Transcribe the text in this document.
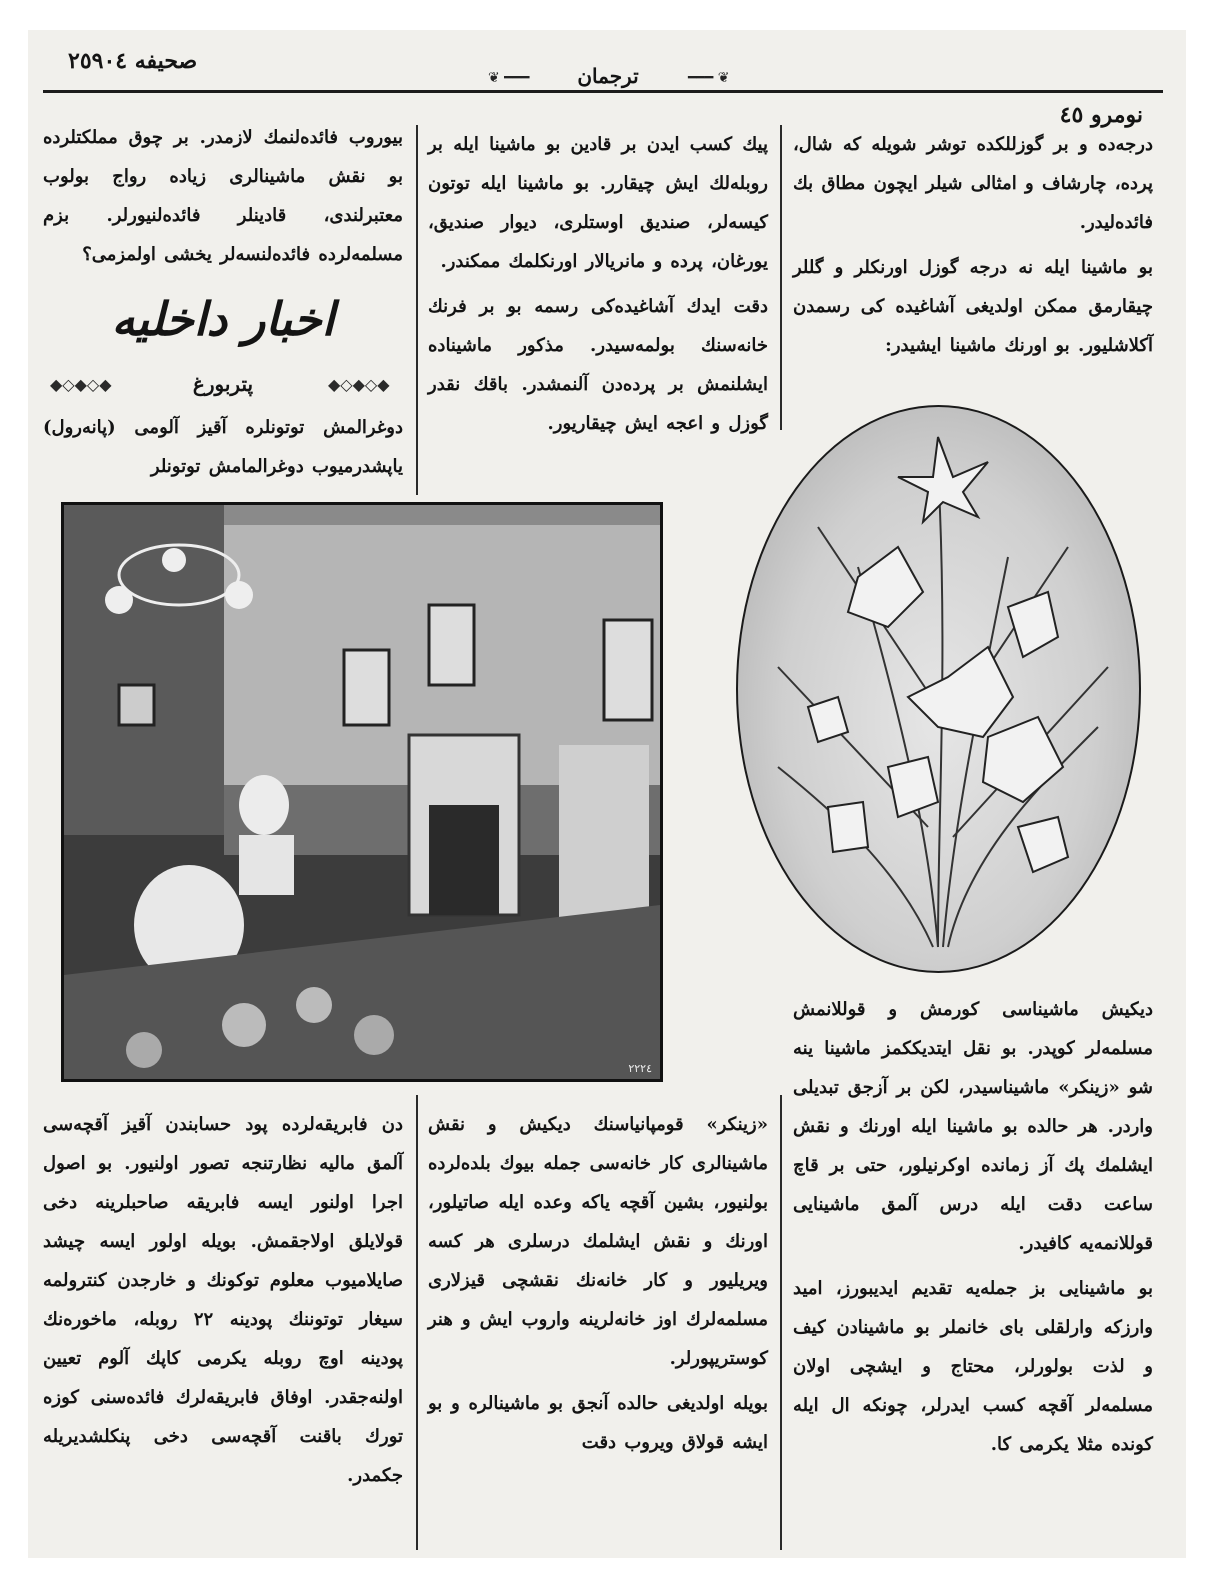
صحيفه ٢٥٩٠٤
❦ ━━━	ترجمان	━━━ ❦
نومرو ٤٥

درجه‌ده و بر گوزللکده توشر شویله که شال، پرده، چارشاف و امثالی شیلر ایچون مطاق بك فائده‌لیدر.

بو ماشینا ایله نه درجه گوزل اورنکلر و گللر چیقارمق ممکن اولدیغی آشاغیده کی رسمدن آکلاشلیور. بو اورنك ماشینا ایشیدر:

پیك کسب ایدن بر قادین بو ماشینا ایله بر روبله‌لك ایش چیقارر. بو ماشینا ایله توتون کیسه‌لر، صندیق اوستلری، دیوار صندیق، یورغان، پرده و مانریالار اورنکلمك ممکندر.

دقت ایدك آشاغیده‌کی رسمه بو بر فرنك خانه‌سنك بولمه‌سیدر. مذکور ماشینا‌ده ایشلنمش بر پرده‌دن آلنمشدر. باقك نقدر گوزل و اعجه ایش چیقاریور.

بیوروب فائده‌لنمك لازمدر. بر چوق مملکتلرده بو نقش ماشینالری زیاده رواج بولوب معتبرلندی، قادینلر فائده‌لنیورلر. بزم مسلمه‌لرده فائده‌لنسه‌لر یخشی اولمزمی؟

اخبار داخلیه
◆◇◆◇◆	◆◇◆◇◆
پتربورغ

دوغرالمش توتونلره آقیز آلومی (پا‌نه‌رول) یاپشدرمیوب دوغرالمامش توتونلر

٢٢٢٤

دیکیش ماشیناسی کورمش و قوللانمش مسلمه‌لر کوپدر. بو نقل ایتدیککمز ماشینا ینه شو «زینکر» ماشیناسیدر، لکن بر آزجق تبدیلی واردر. هر حالده بو ماشینا ایله اورنك و نقش ایشلمك پك آز زمانده اوکرنیلور، حتی بر قاچ ساعت دقت ایله درس آلمق ماشینایی قوللانمه‌یه کافیدر.

بو ماشینایی بز جمله‌یه تقدیم ایدیبورز، امید وارزکه وارلقلی بای خانملر بو ماشینادن کیف و لذت بولورلر، محتاج و ایشچی اولان مسلمه‌لر آقچه کسب ایدرلر، چونکه ال ایله کونده مثلا یکرمی کا.

«زینکر» قومپانیاسنك دیکیش و نقش ماشینالری کار خانه‌سی جمله بیوك بلده‌لرده بولنیور، بشین آقچه یاکه وعده ایله صاتیلور، اورنك و نقش ایشلمك درسلری هر کسه ویریلیور و کار خانه‌نك نقشچی قیزلاری مسلمه‌لرك اوز خانه‌لرینه واروب ایش و هنر کوستریپورلر.

بویله اولدیغی حالده آنجق بو ماشینا‌لره و بو ایشه قولاق ویروب دقت

دن فابریقه‌لرده پود حسابندن آقیز آقچه‌سی آلمق مالیه نظارتنجه تصور اولنیور. بو اصول اجرا اولنور ایسه فابریقه صاحبلرینه دخی قولایلق اولاجقمش. بویله اولور ایسه چیشد صایلامیوب معلوم توکونك و خارجدن کنترولمه سیغار توتوننك پودینه ٢٢ روبله، ماخوره‌نك پودینه اوچ روبله یکرمی کاپك آلوم تعیین اولنه‌جقدر. اوفاق فابریقه‌لرك فائده‌سنی کوزه تورك باقنت آقچه‌سی دخی پنکلشدیریله جکمدر.
